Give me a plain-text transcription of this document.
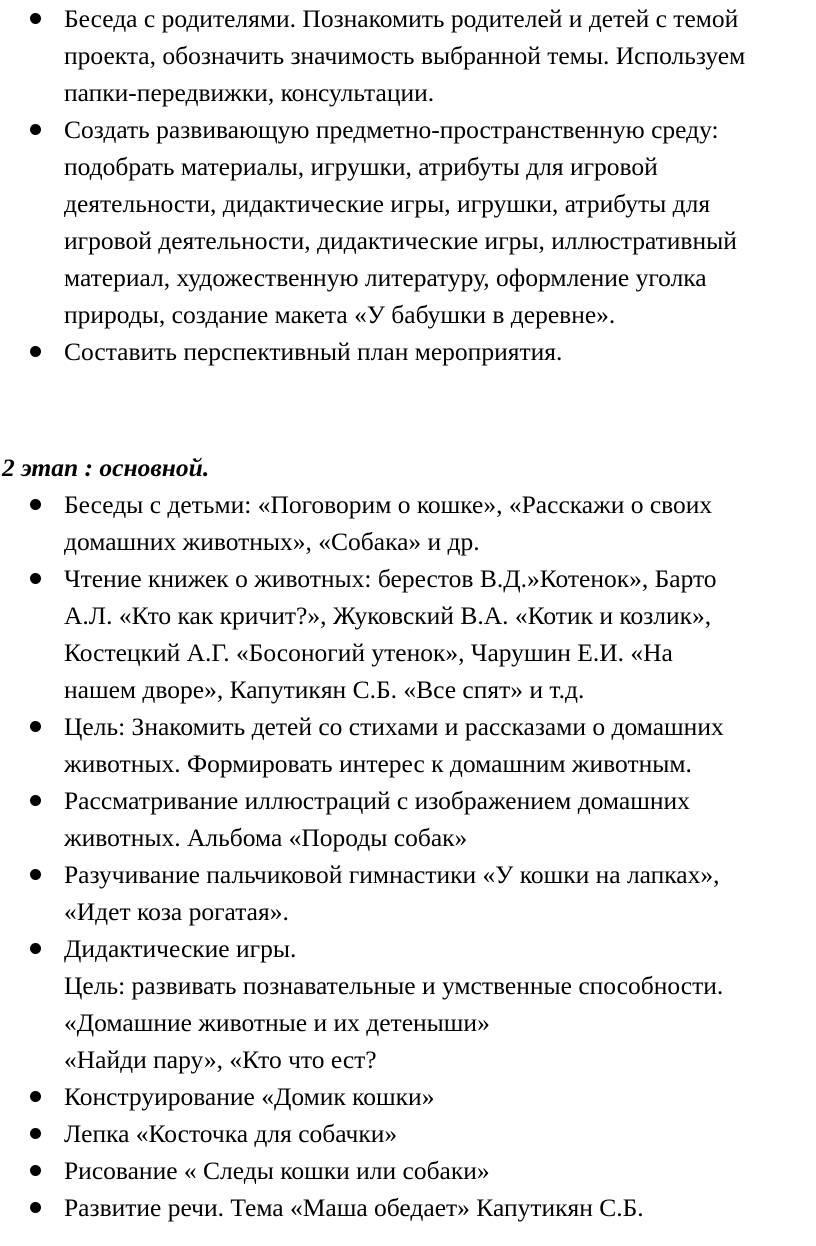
Беседа с родителями. Познакомить родителей и детей с темой
проекта, обозначить значимость выбранной темы. Используем
папки-передвижки, консультации.
Создать развивающую предметно-пространственную среду:
подобрать материалы, игрушки, атрибуты для игровой
деятельности, дидактические игры, игрушки, атрибуты для
игровой деятельности, дидактические игры, иллюстративный
материал, художественную литературу, оформление уголка
природы, создание макета «У бабушки в деревне».
Составить перспективный план мероприятия.
2 этап : основной.
Беседы с детьми: «Поговорим о кошке», «Расскажи о своих
домашних животных», «Собака» и др.
Чтение книжек о животных: берестов В.Д.»Котенок», Барто
А.Л. «Кто как кричит?», Жуковский В.А. «Котик и козлик»,
Костецкий А.Г. «Босоногий утенок», Чарушин Е.И. «На
нашем дворе», Капутикян С.Б. «Все спят» и т.д.
Цель: Знакомить детей со стихами и рассказами о домашних
животных. Формировать интерес к домашним животным.
Рассматривание иллюстраций с изображением домашних
животных. Альбома «Породы собак»
Разучивание пальчиковой гимнастики «У кошки на лапках»,
«Идет коза рогатая».
Дидактические игры.
Цель: развивать познавательные и умственные способности.
«Домашние животные и их детеныши»
«Найди пару», «Кто что ест?
Конструирование «Домик кошки»
Лепка «Косточка для собачки»
Рисование « Следы кошки или собаки»
Развитие речи. Тема «Маша обедает» Капутикян С.Б.
